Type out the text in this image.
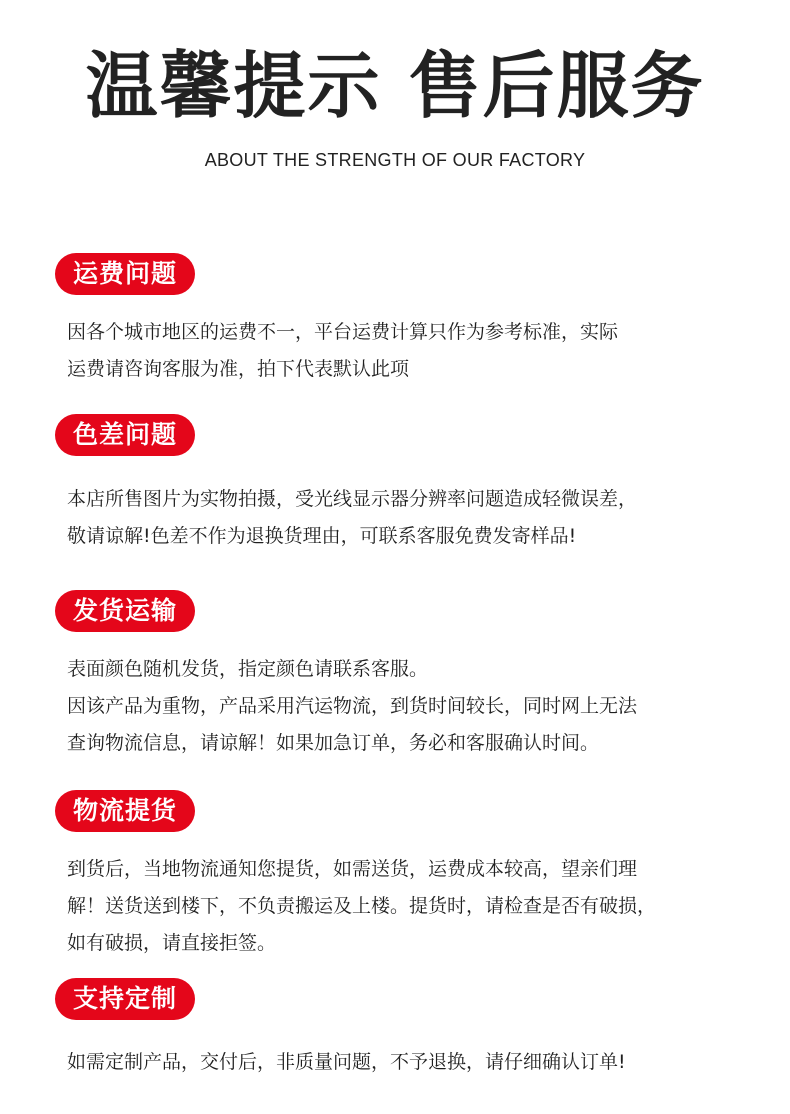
温馨提示 售后服务
ABOUT THE STRENGTH OF OUR FACTORY
运费问题

因各个城市地区的运费不一，平台运费计算只作为参考标准，实际
运费请咨询客服为准，拍下代表默认此项

色差问题

本店所售图片为实物拍摄，受光线显示器分辨率问题造成轻微误差，
敬请谅解!色差不作为退换货理由，可联系客服免费发寄样品!

发货运输

表面颜色随机发货，指定颜色请联系客服。
因该产品为重物，产品采用汽运物流，到货时间较长，同时网上无法
查询物流信息，请谅解！如果加急订单，务必和客服确认时间。

物流提货

到货后，当地物流通知您提货，如需送货，运费成本较高，望亲们理
解！送货送到楼下，不负责搬运及上楼。提货时，请检查是否有破损，
如有破损，请直接拒签。

支持定制

如需定制产品，交付后，非质量问题，不予退换，请仔细确认订单!
